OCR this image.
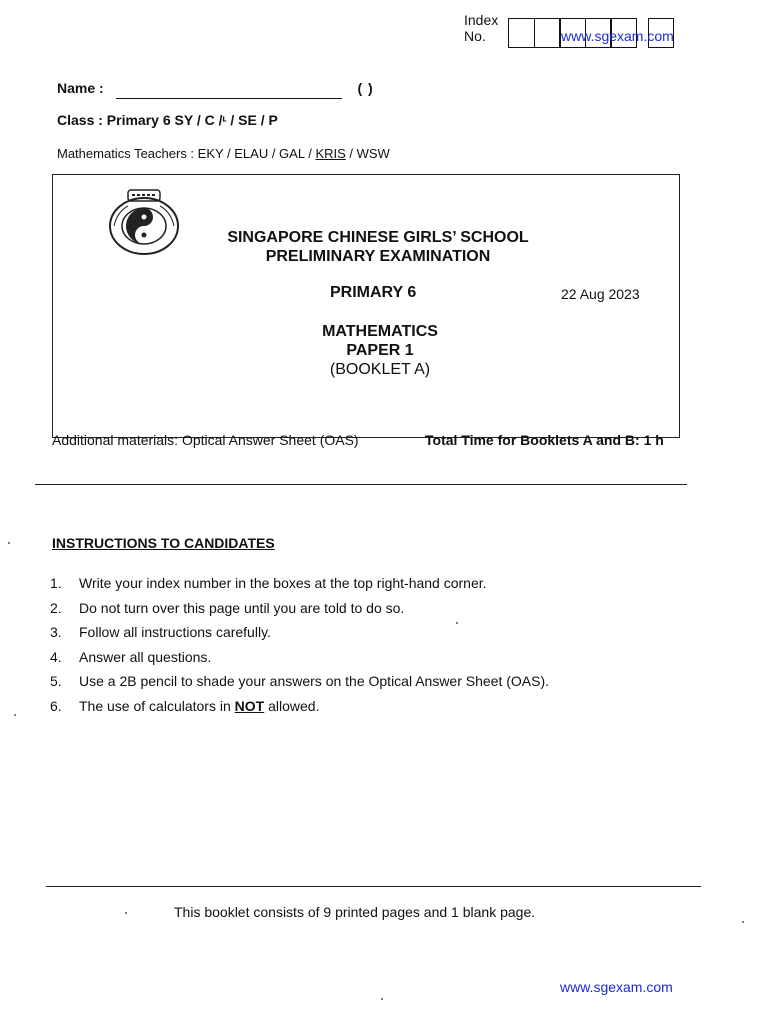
Index
No.	www.sgexam.com
Name :	( )
Class : Primary 6 SY / C /ᶫ / SE / P
Mathematics Teachers : EKY / ELAU / GAL / KRIS / WSW
SINGAPORE CHINESE GIRLS’ SCHOOL
PRELIMINARY EXAMINATION
PRIMARY 6	22 Aug 2023
MATHEMATICS
PAPER 1
(BOOKLET A)
Additional materials: Optical Answer Sheet (OAS)	Total Time for Booklets A and B: 1 h
INSTRUCTIONS TO CANDIDATES
1.	Write your index number in the boxes at the top right-hand corner.
2.	Do not turn over this page until you are told to do so.
3.	Follow all instructions carefully.
4.	Answer all questions.
5.	Use a 2B pencil to shade your answers on the Optical Answer Sheet (OAS).
6.	The use of calculators in NOT allowed.
This booklet consists of 9 printed pages and 1 blank page.
www.sgexam.com
